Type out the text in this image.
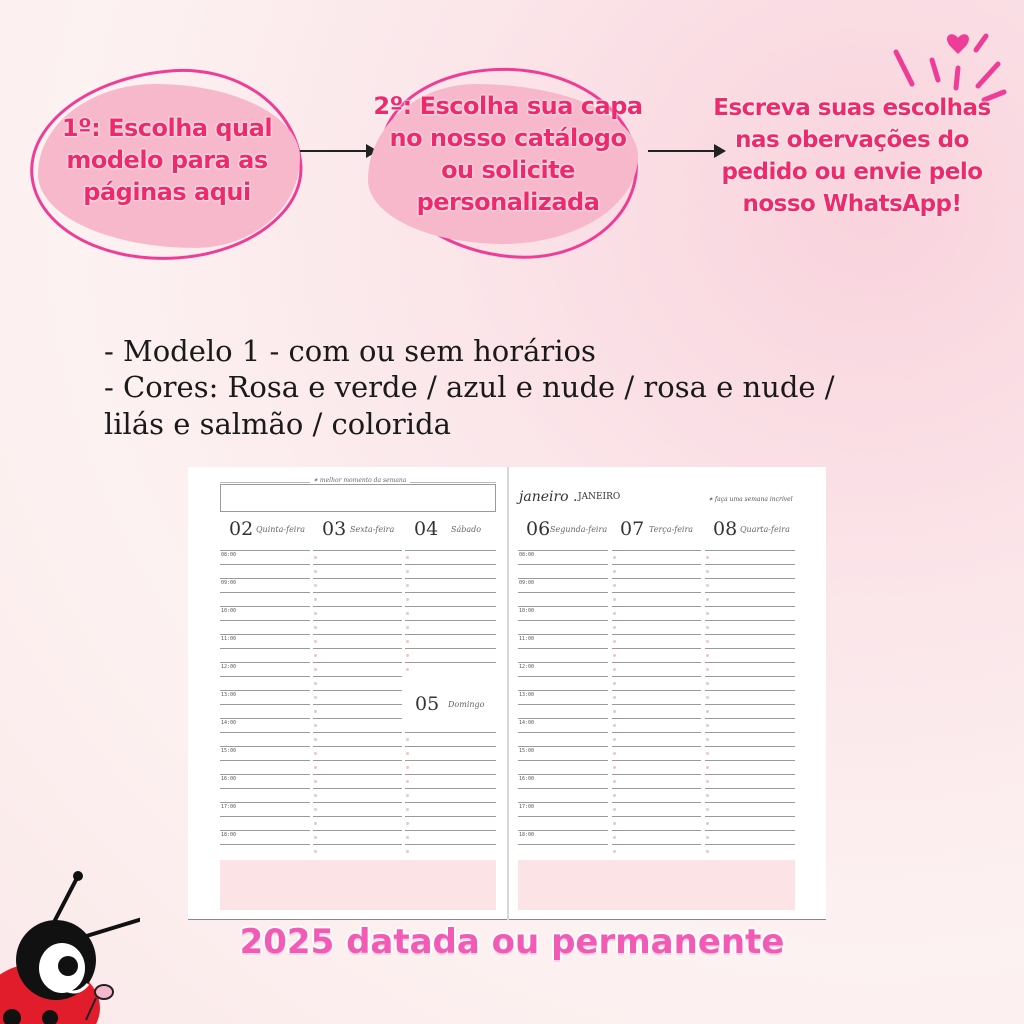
1º: Escolha qual
modelo para as
páginas aqui
2º: Escolha sua capa
no nosso catálogo
ou solicite
personalizada
Escreva suas escolhas
nas obervações do
pedido ou envie pelo
nosso WhatsApp!
- Modelo 1 - com ou sem horários
- Cores: Rosa e verde / azul e nude / rosa e nude /
lilás e salmão / colorida
✶ melhor momento da semana
janeiro . JANEIRO	✶ faça uma semana incrível
02 Quinta-feira 03 Sexta-feira 04 Sábado
05 Domingo
06 Segunda-feira 07 Terça-feira 08 Quarta-feira
08:00
09:00
10:00
11:00
12:00
13:00
14:00
15:00
16:00
17:00
18:00
08:00
09:00
10:00
11:00
12:00
13:00
14:00
15:00
16:00
17:00
18:00
2025 datada ou permanente
